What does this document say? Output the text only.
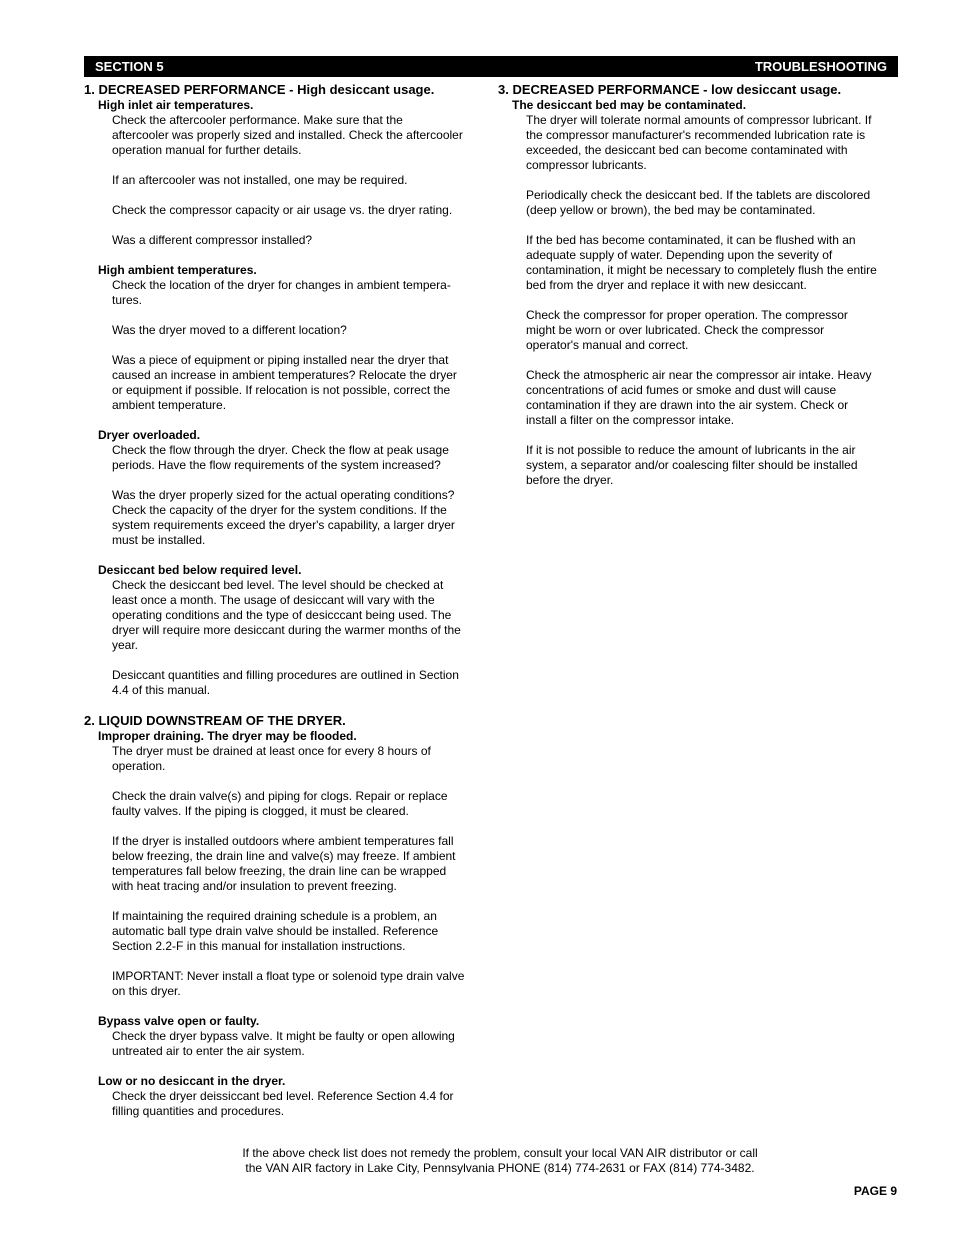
SECTION 5	TROUBLESHOOTING
1. DECREASED PERFORMANCE - High desiccant usage.
High inlet air temperatures.
Check the aftercooler performance. Make sure that the
aftercooler was properly sized and installed. Check the aftercooler
operation manual for further details.
If an aftercooler was not installed, one may be required.
Check the compressor capacity or air usage vs. the dryer rating.
Was a different compressor installed?
High ambient temperatures.
Check the location of the dryer for changes in ambient tempera-
tures.
Was the dryer moved to a different location?
Was a piece of equipment or piping installed near the dryer that
caused an increase in ambient temperatures? Relocate the dryer
or equipment if possible. If relocation is not possible, correct the
ambient temperature.
Dryer overloaded.
Check the flow through the dryer. Check the flow at peak usage
periods. Have the flow requirements of the system increased?
Was the dryer properly sized for the actual operating conditions?
Check the capacity of the dryer for the system conditions. If the
system requirements exceed the dryer's capability, a larger dryer
must be installed.
Desiccant bed below required level.
Check the desiccant bed level. The level should be checked at
least once a month. The usage of desiccant will vary with the
operating conditions and the type of desicccant being used. The
dryer will require more desiccant during the warmer months of the
year.
Desiccant quantities and filling procedures are outlined in Section
4.4 of this manual.
2. LIQUID DOWNSTREAM OF THE DRYER.
Improper draining. The dryer may be flooded.
The dryer must be drained at least once for every 8 hours of
operation.
Check the drain valve(s) and piping for clogs. Repair or replace
faulty valves. If the piping is clogged, it must be cleared.
If the dryer is installed outdoors where ambient temperatures fall
below freezing, the drain line and valve(s) may freeze. If ambient
temperatures fall below freezing, the drain line can be wrapped
with heat tracing and/or insulation to prevent freezing.
If maintaining the required draining schedule is a problem, an
automatic ball type drain valve should be installed. Reference
Section 2.2-F in this manual for installation instructions.
IMPORTANT: Never install a float type or solenoid type drain valve
on this dryer.
Bypass valve open or faulty.
Check the dryer bypass valve. It might be faulty or open allowing
untreated air to enter the air system.
Low or no desiccant in the dryer.
Check the dryer deissiccant bed level. Reference Section 4.4 for
filling quantities and procedures.
3. DECREASED PERFORMANCE - low desiccant usage.
The desiccant bed may be contaminated.
The dryer will tolerate normal amounts of compressor lubricant. If
the compressor manufacturer's recommended lubrication rate is
exceeded, the desiccant bed can become contaminated with
compressor lubricants.
Periodically check the desiccant bed. If the tablets are discolored
(deep yellow or brown), the bed may be contaminated.
If the bed has become contaminated, it can be flushed with an
adequate supply of water. Depending upon the severity of
contamination, it might be necessary to completely flush the entire
bed from the dryer and replace it with new desiccant.
Check the compressor for proper operation. The compressor
might be worn or over lubricated. Check the compressor
operator's manual and correct.
Check the atmospheric air near the compressor air intake. Heavy
concentrations of acid fumes or smoke and dust will cause
contamination if they are drawn into the air system. Check or
install a filter on the compressor intake.
If it is not possible to reduce the amount of lubricants in the air
system, a separator and/or coalescing filter should be installed
before the dryer.
If the above check list does not remedy the problem, consult your local VAN AIR distributor or call
the VAN AIR factory in Lake City, Pennsylvania PHONE (814) 774-2631 or FAX (814) 774-3482.
PAGE 9
